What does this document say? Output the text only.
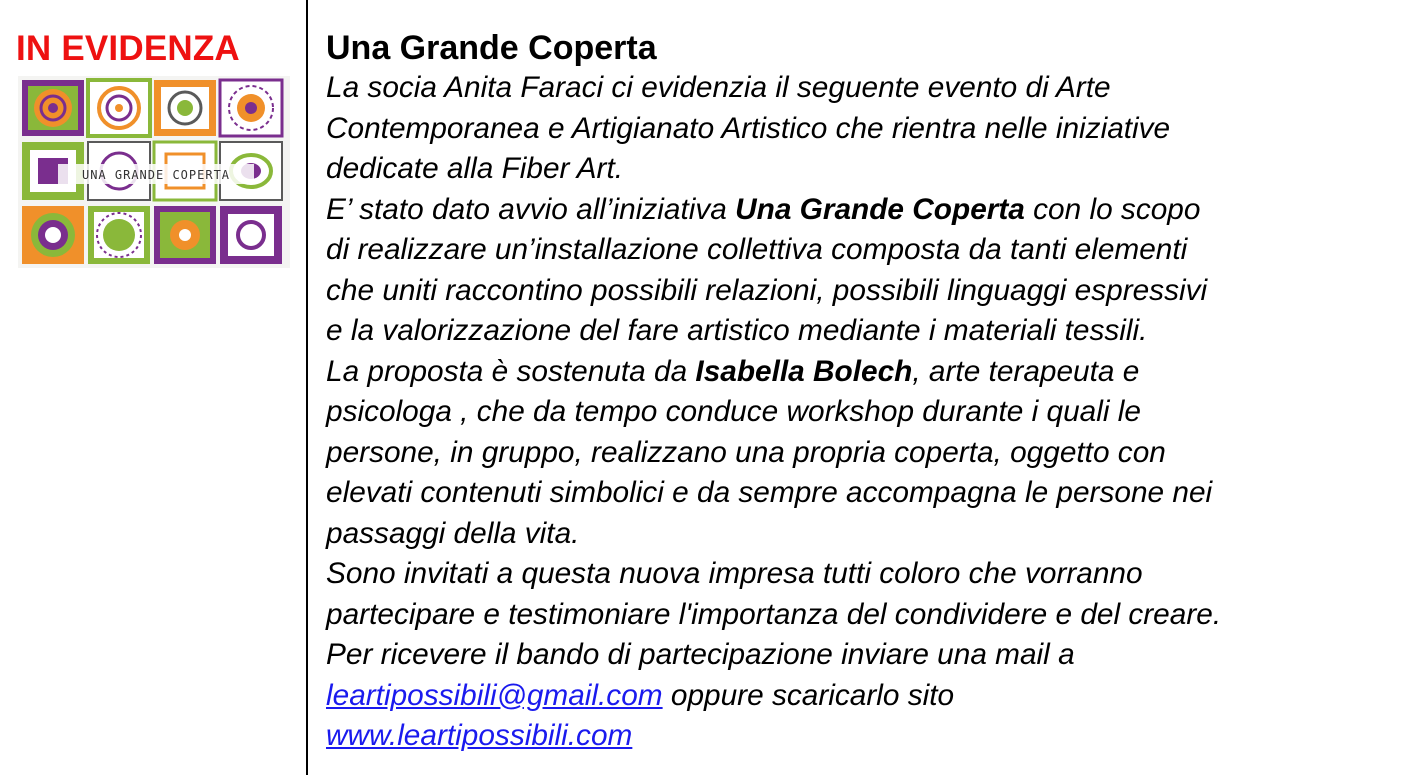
IN EVIDENZA
UNA GRANDE COPERTA
Una Grande Coperta
La socia Anita Faraci ci evidenzia il seguente evento di Arte
Contemporanea e Artigianato Artistico che rientra nelle iniziative
dedicate alla Fiber Art.
E’ stato dato avvio all’iniziativa Una Grande Coperta con lo scopo
di realizzare un’installazione collettiva composta da tanti elementi
che uniti raccontino possibili relazioni, possibili linguaggi espressivi
e la valorizzazione del fare artistico mediante i materiali tessili.
La proposta è sostenuta da Isabella Bolech, arte terapeuta e
psicologa , che da tempo conduce workshop durante i quali le
persone, in gruppo, realizzano una propria coperta, oggetto con
elevati contenuti simbolici e da sempre accompagna le persone nei
passaggi della vita.
Sono invitati a questa nuova impresa tutti coloro che vorranno
partecipare e testimoniare l'importanza del condividere e del creare.
Per ricevere il bando di partecipazione inviare una mail a
leartipossibili@gmail.com oppure scaricarlo sito
www.leartipossibili.com
